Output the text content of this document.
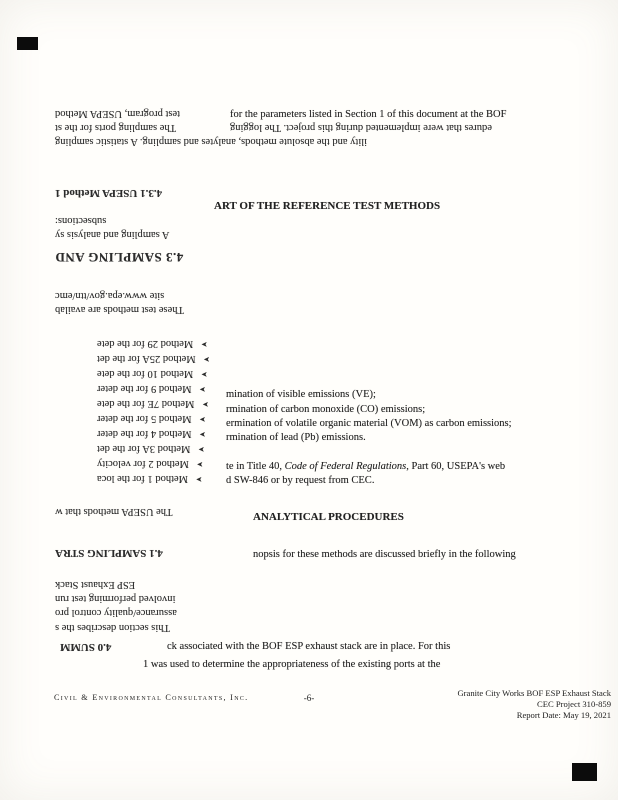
test program, USEPA Method
The sampling ports for the st	edures that were implemented during this project. The logging
ility and the absolute methods, analytes and sampling. A statistic sampling
4.3.1 USEPA Method 1
subsections:
A sampling and analysis sy
4.3 SAMPLING AND
site www.epa.gov/ttn/emc
These test methods are availab
➤Method 29 for the dete
➤Method 25A for the det
➤Method 10 for the dete
➤Method 9 for the deter
➤Method 7E for the dete
➤Method 5 for the deter
➤Method 4 for the deter
➤Method 3A for the det
➤Method 2 for velocity
➤Method 1 for the loca
The USEPA methods that w
4.1 SAMPLING STRA
ESP Exhaust Stack
involved performing test run
assurance/quality control pro
This section describes the s
4.0 SUMM
for the parameters listed in Section 1 of this document at the BOF
ART OF THE REFERENCE TEST METHODS
mination of visible emissions (VE);
rmination of carbon monoxide (CO) emissions;
ermination of volatile organic material (VOM) as carbon emissions;
rmination of lead (Pb) emissions.
te in Title 40, Code of Federal Regulations, Part 60, USEPA's web
d SW-846 or by request from CEC.
ANALYTICAL PROCEDURES
nopsis for these methods are discussed briefly in the following
ck associated with the BOF ESP exhaust stack are in place. For this
1 was used to determine the appropriateness of the existing ports at the
Civil & Environmental Consultants, Inc.	-6-	Granite City Works BOF ESP Exhaust Stack
CEC Project 310-859
Report Date: May 19, 2021
